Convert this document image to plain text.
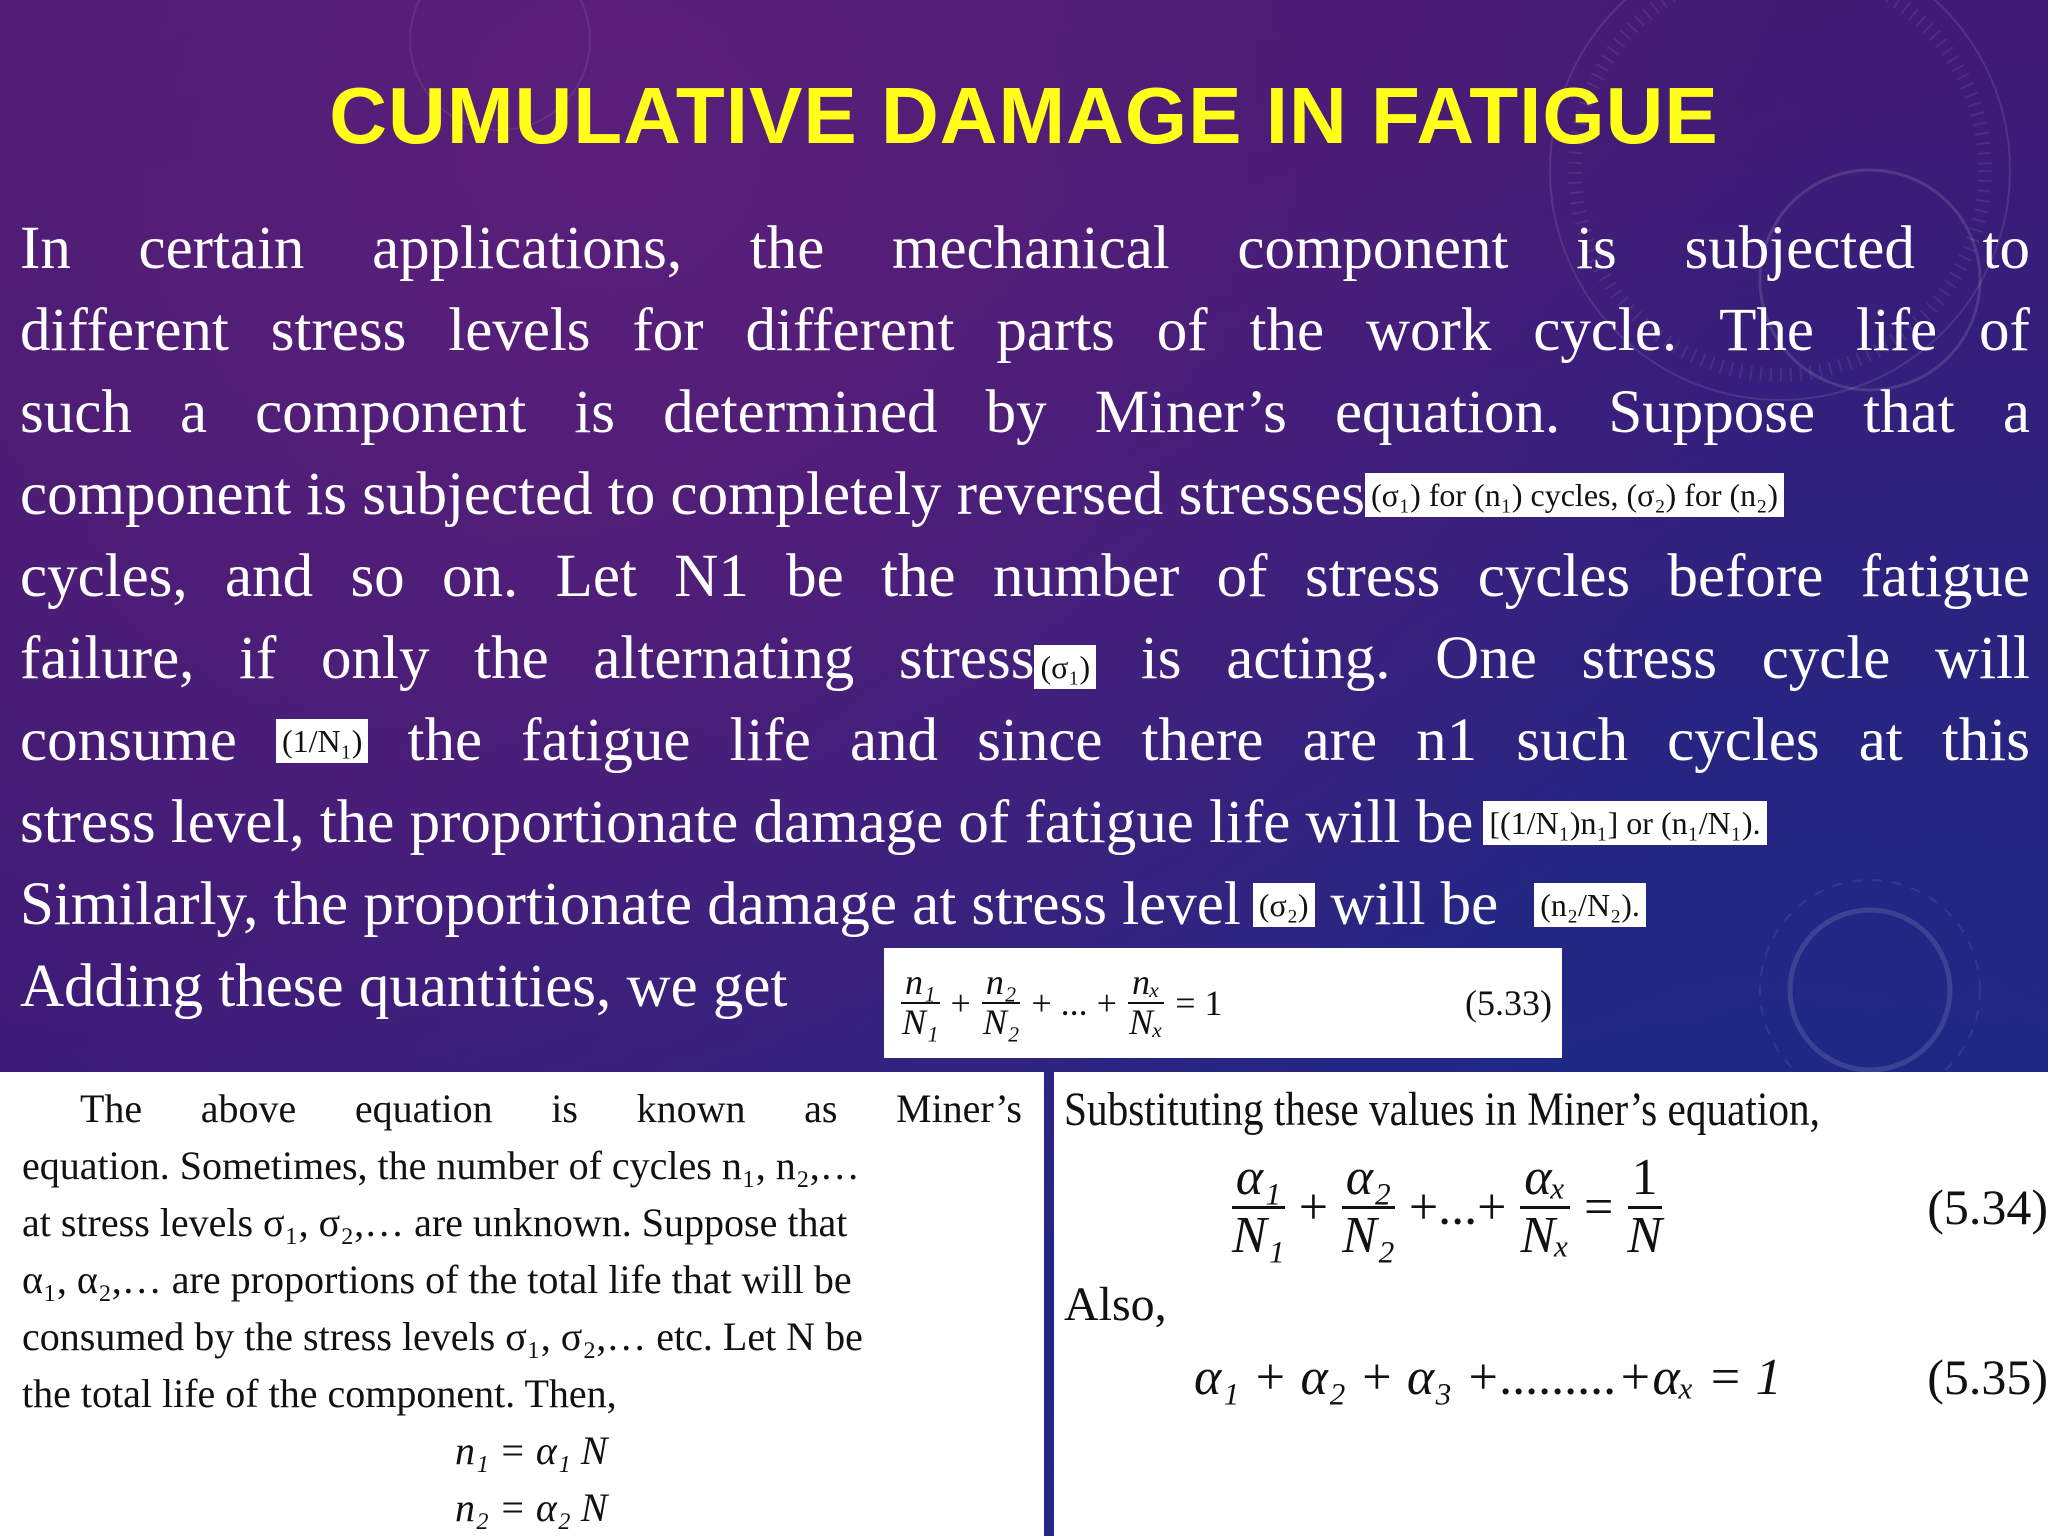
CUMULATIVE DAMAGE IN FATIGUE
In certain applications, the mechanical component is subjected to
different stress levels for different parts of the work cycle. The life of
such a component is determined by Miner’s equation. Suppose that a
component is subjected to completely reversed stresses (σ₁) for (n₁) cycles, (σ₂) for (n₂)
cycles, and so on. Let N1 be the number of stress cycles before fatigue
failure, if only the alternating stress (σ₁) is acting. One stress cycle will
consume (1/N₁) the fatigue life and since there are n1 such cycles at this
stress level, the proportionate damage of fatigue life will be [(1/N₁)n₁] or (n₁/N₁).
Similarly, the proportionate damage at stress level (σ₂) will be (n₂/N₂).
Adding these quantities, we get	$\frac{\text{n₁}}{\text{N₁}} + \frac{\text{n₂}}{\text{N₂}}$ + ... + $\frac{\text{nₓ}}{\text{Nₓ}} = 1$	(5.33)
The above equation is known as Miner’s
equation. Sometimes, the number of cycles n₁, n₂,…
at stress levels σ₁, σ₂,… are unknown. Suppose that
α₁, α₂,… are proportions of the total life that will be
consumed by the stress levels σ₁, σ₂,… etc. Let N be
the total life of the component. Then,
n₁ = α₁ N
n₂ = α₂ N
Substituting these values in Miner’s equation,
$\frac{\text{α₁}}{\text{N₁}} + \frac{\text{α₂}}{\text{N₂}}$ +...+ $\frac{\text{αₓ}}{\text{Nₓ}} = \frac{1}{N}$	(5.34)
Also,
α₁ + α₂ + α₃ +.........+αₓ = 1	(5.35)
